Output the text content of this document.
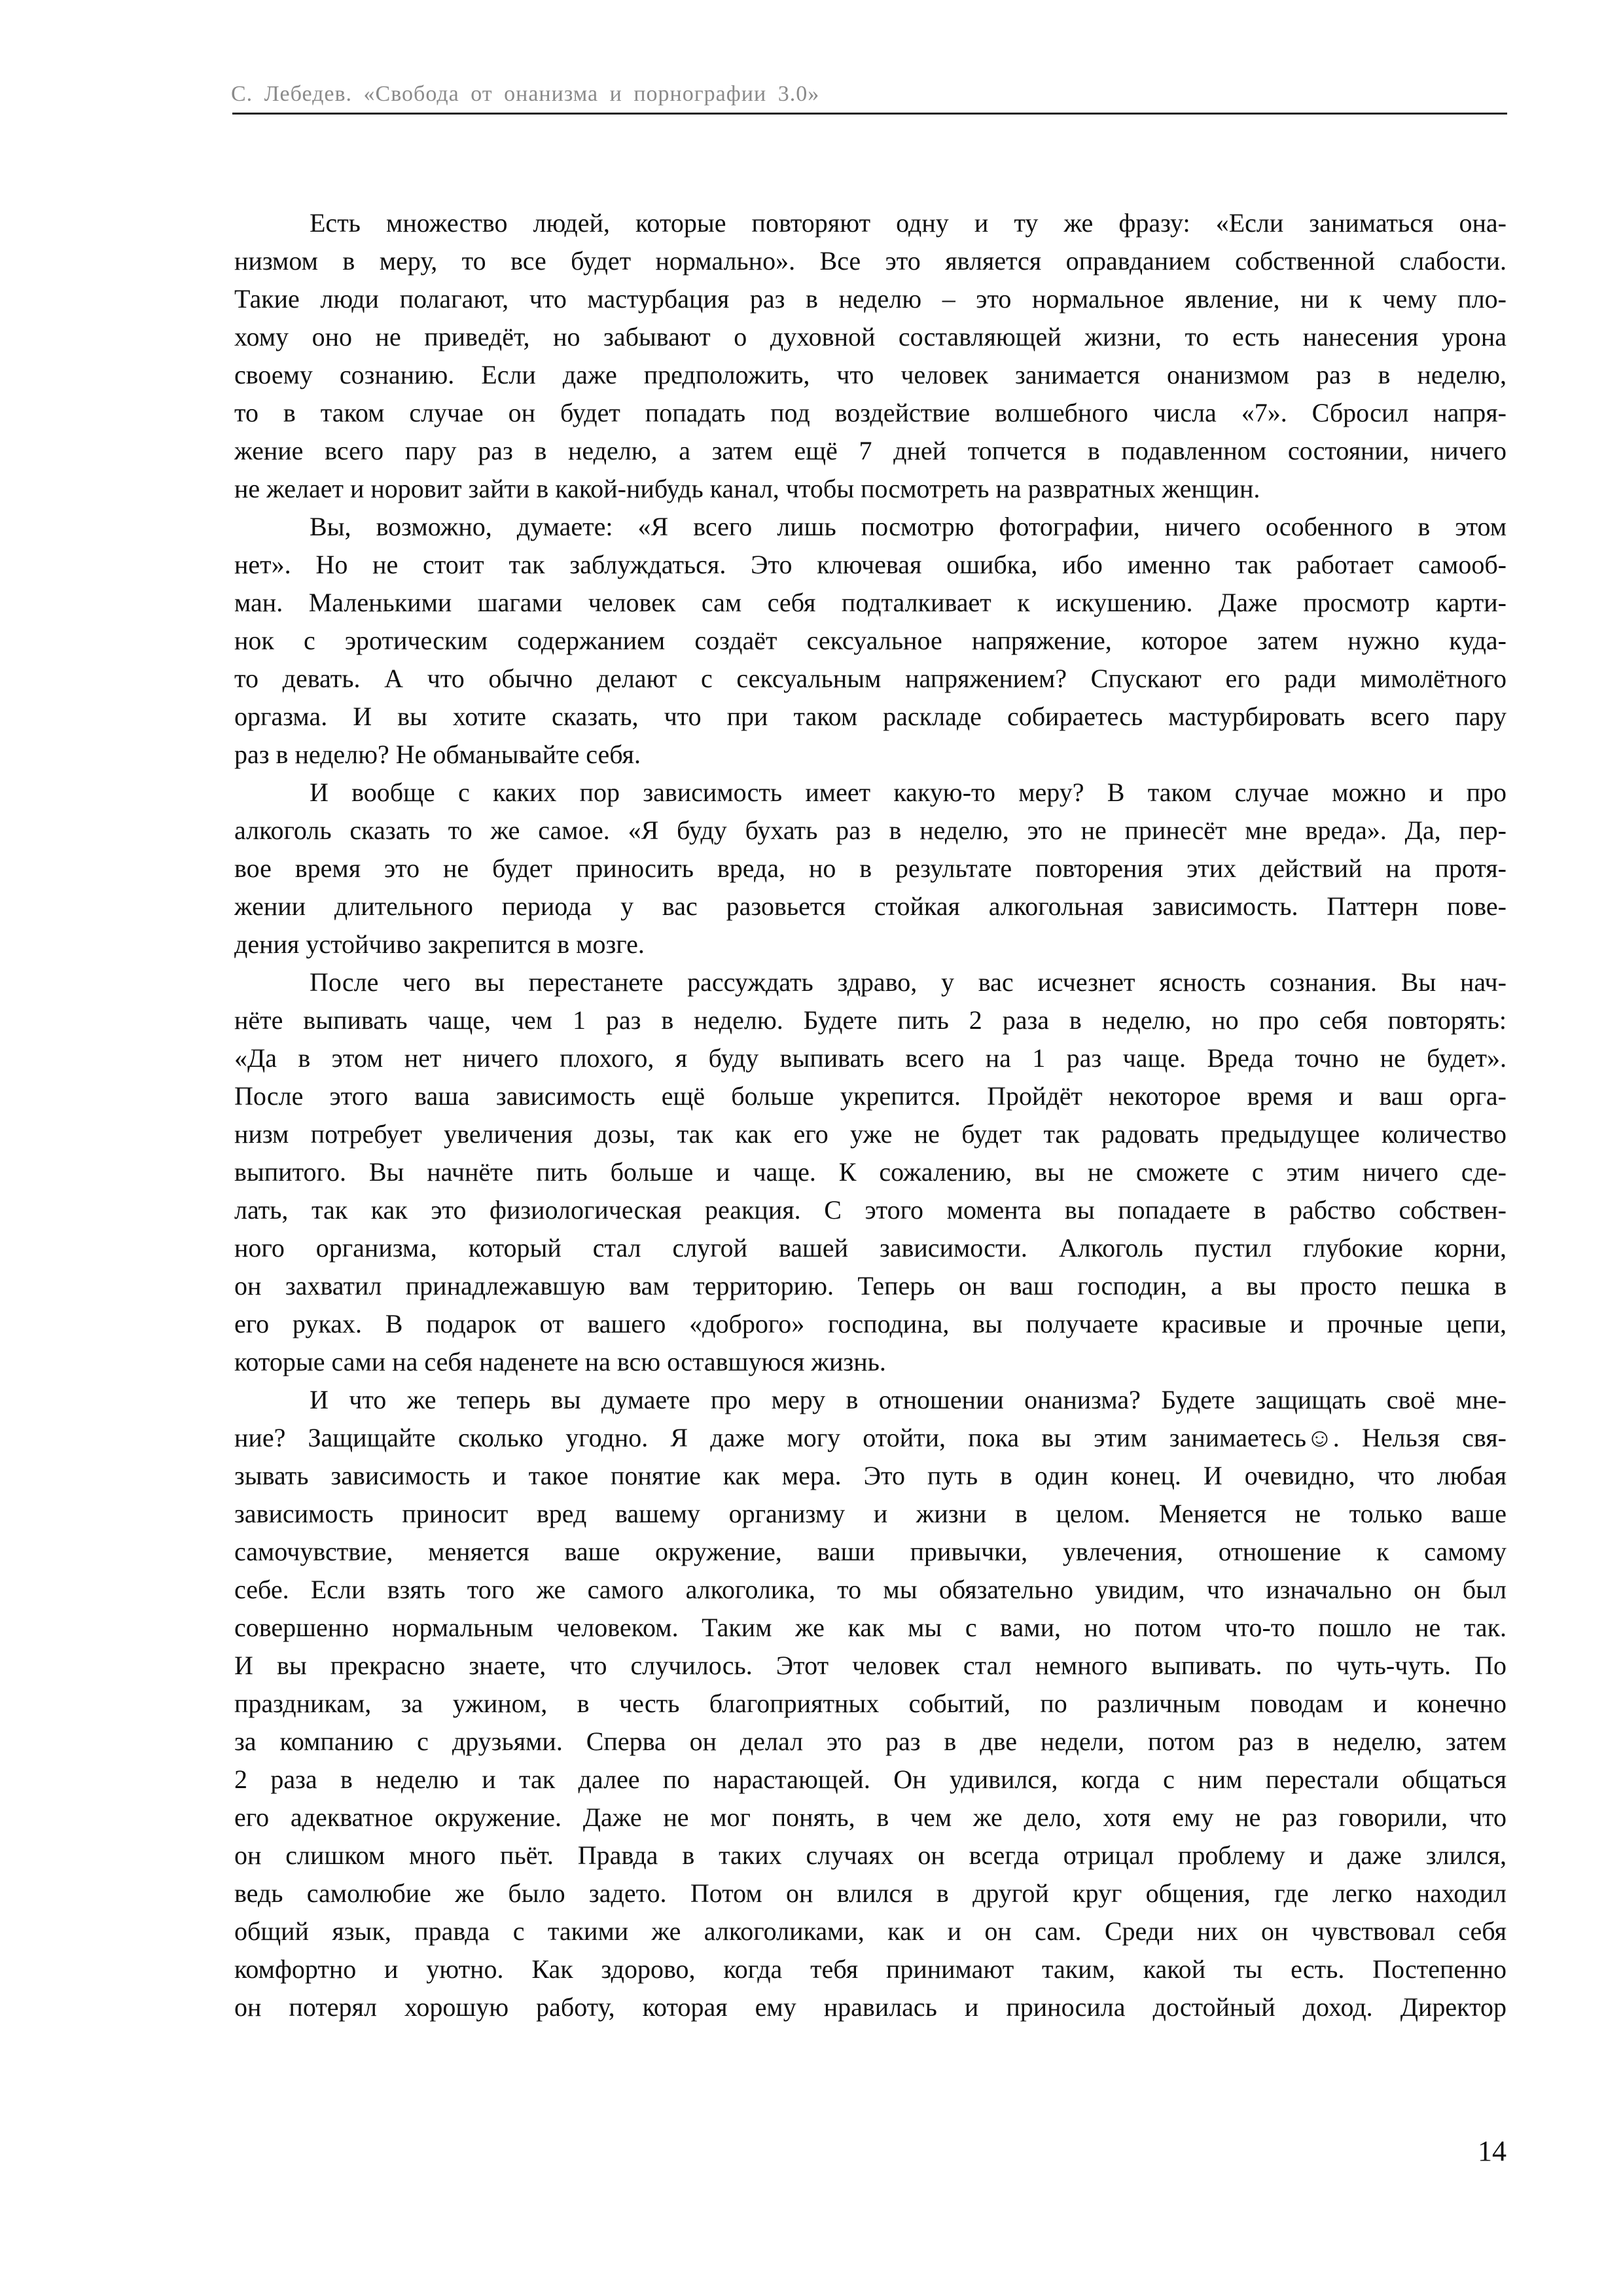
С. Лебедев. «Свобода от онанизма и порнографии 3.0»
Есть множество людей, которые повторяют одну и ту же фразу: «Если заниматься она-
низмом в меру, то все будет нормально». Все это является оправданием собственной слабости.
Такие люди полагают, что мастурбация раз в неделю – это нормальное явление, ни к чему пло-
хому оно не приведёт, но забывают о духовной составляющей жизни, то есть нанесения урона
своему сознанию. Если даже предположить, что человек занимается онанизмом раз в неделю,
то в таком случае он будет попадать под воздействие волшебного числа «7». Сбросил напря-
жение всего пару раз в неделю, а затем ещё 7 дней топчется в подавленном состоянии, ничего
не желает и норовит зайти в какой-нибудь канал, чтобы посмотреть на развратных женщин.
Вы, возможно, думаете: «Я всего лишь посмотрю фотографии, ничего особенного в этом
нет». Но не стоит так заблуждаться. Это ключевая ошибка, ибо именно так работает самооб-
ман. Маленькими шагами человек сам себя подталкивает к искушению. Даже просмотр карти-
нок с эротическим содержанием создаёт сексуальное напряжение, которое затем нужно куда-
то девать. А что обычно делают с сексуальным напряжением? Спускают его ради мимолётного
оргазма. И вы хотите сказать, что при таком раскладе собираетесь мастурбировать всего пару
раз в неделю? Не обманывайте себя.
И вообще с каких пор зависимость имеет какую-то меру? В таком случае можно и про
алкоголь сказать то же самое. «Я буду бухать раз в неделю, это не принесёт мне вреда». Да, пер-
вое время это не будет приносить вреда, но в результате повторения этих действий на протя-
жении длительного периода у вас разовьется стойкая алкогольная зависимость. Паттерн пове-
дения устойчиво закрепится в мозге.
После чего вы перестанете рассуждать здраво, у вас исчезнет ясность сознания. Вы нач-
нёте выпивать чаще, чем 1 раз в неделю. Будете пить 2 раза в неделю, но про себя повторять:
«Да в этом нет ничего плохого, я буду выпивать всего на 1 раз чаще. Вреда точно не будет».
После этого ваша зависимость ещё больше укрепится. Пройдёт некоторое время и ваш орга-
низм потребует увеличения дозы, так как его уже не будет так радовать предыдущее количество
выпитого. Вы начнёте пить больше и чаще. К сожалению, вы не сможете с этим ничего сде-
лать, так как это физиологическая реакция. С этого момента вы попадаете в рабство собствен-
ного организма, который стал слугой вашей зависимости. Алкоголь пустил глубокие корни,
он захватил принадлежавшую вам территорию. Теперь он ваш господин, а вы просто пешка в
его руках. В подарок от вашего «доброго» господина, вы получаете красивые и прочные цепи,
которые сами на себя наденете на всю оставшуюся жизнь.
И что же теперь вы думаете про меру в отношении онанизма? Будете защищать своё мне-
ние? Защищайте сколько угодно. Я даже могу отойти, пока вы этим занимаетесь☺. Нельзя свя-
зывать зависимость и такое понятие как мера. Это путь в один конец. И очевидно, что любая
зависимость приносит вред вашему организму и жизни в целом. Меняется не только ваше
самочувствие, меняется ваше окружение, ваши привычки, увлечения, отношение к самому
себе. Если взять того же самого алкоголика, то мы обязательно увидим, что изначально он был
совершенно нормальным человеком. Таким же как мы с вами, но потом что-то пошло не так.
И вы прекрасно знаете, что случилось. Этот человек стал немного выпивать. по чуть-чуть. По
праздникам, за ужином, в честь благоприятных событий, по различным поводам и конечно
за компанию с друзьями. Сперва он делал это раз в две недели, потом раз в неделю, затем
2 раза в неделю и так далее по нарастающей. Он удивился, когда с ним перестали общаться
его адекватное окружение. Даже не мог понять, в чем же дело, хотя ему не раз говорили, что
он слишком много пьёт. Правда в таких случаях он всегда отрицал проблему и даже злился,
ведь самолюбие же было задето. Потом он влился в другой круг общения, где легко находил
общий язык, правда с такими же алкоголиками, как и он сам. Среди них он чувствовал себя
комфортно и уютно. Как здорово, когда тебя принимают таким, какой ты есть. Постепенно
он потерял хорошую работу, которая ему нравилась и приносила достойный доход. Директор
14
